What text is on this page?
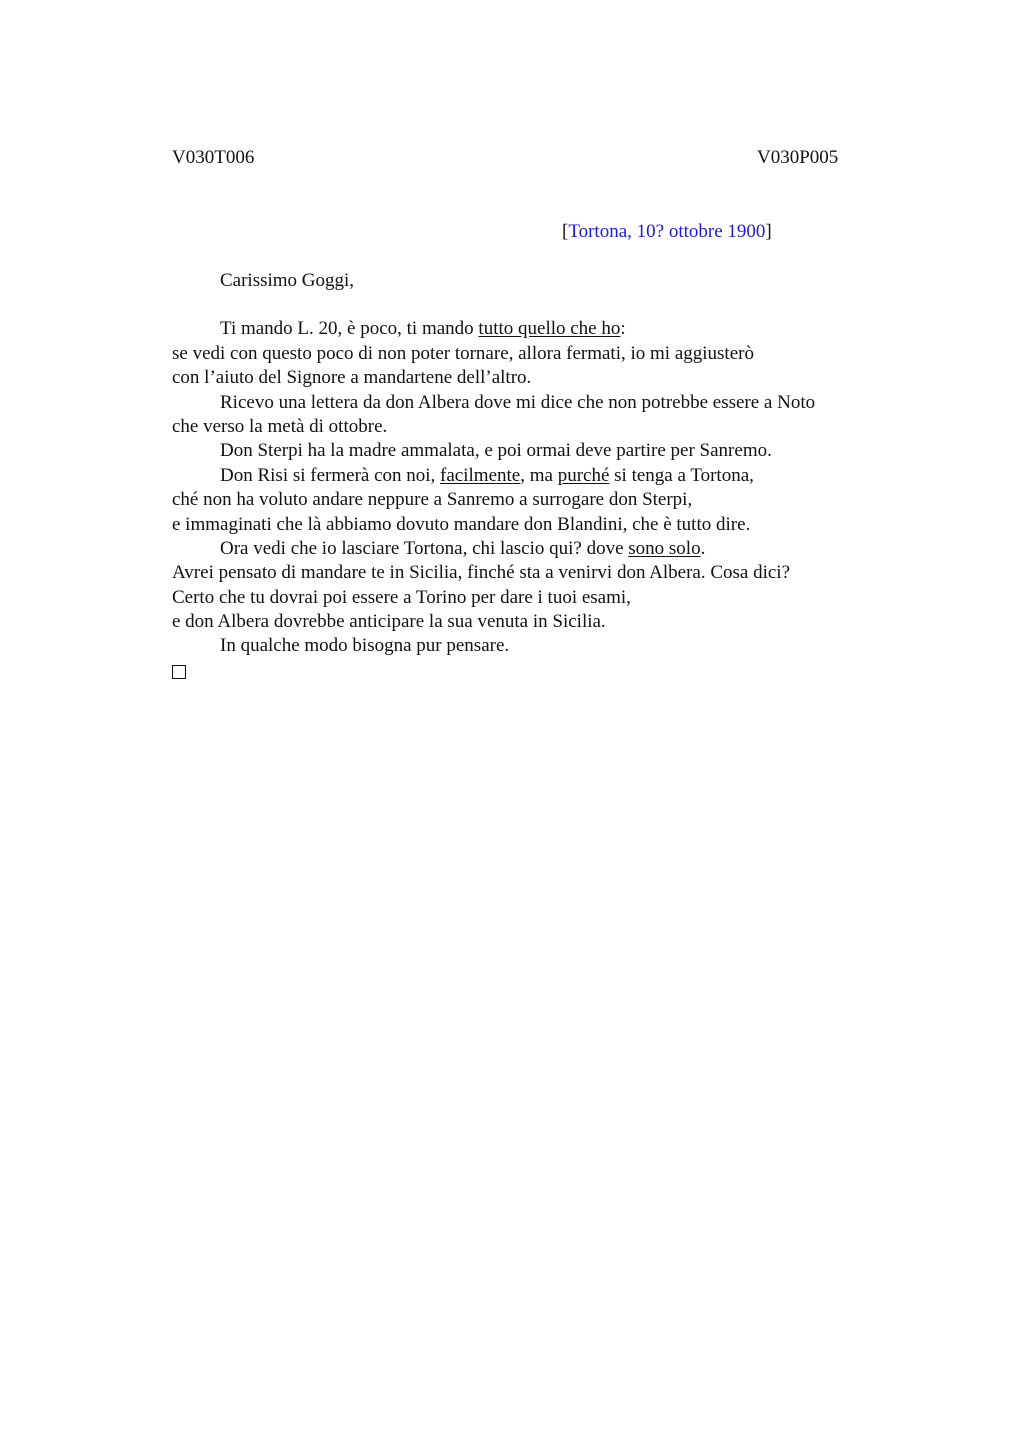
V030T006	V030P005
[Tortona, 10? ottobre 1900]
Carissimo Goggi,
Ti mando L. 20, è poco, ti mando tutto quello che ho:
se vedi con questo poco di non poter tornare, allora fermati, io mi aggiusterò
con l’aiuto del Signore a mandartene dell’altro.
Ricevo una lettera da don Albera dove mi dice che non potrebbe essere a Noto
che verso la metà di ottobre.
Don Sterpi ha la madre ammalata, e poi ormai deve partire per Sanremo.
Don Risi si fermerà con noi, facilmente, ma purché si tenga a Tortona,
ché non ha voluto andare neppure a Sanremo a surrogare don Sterpi,
e immaginati che là abbiamo dovuto mandare don Blandini, che è tutto dire.
Ora vedi che io lasciare Tortona, chi lascio qui? dove sono solo.
Avrei pensato di mandare te in Sicilia, finché sta a venirvi don Albera. Cosa dici?
Certo che tu dovrai poi essere a Torino per dare i tuoi esami,
e don Albera dovrebbe anticipare la sua venuta in Sicilia.
In qualche modo bisogna pur pensare.
